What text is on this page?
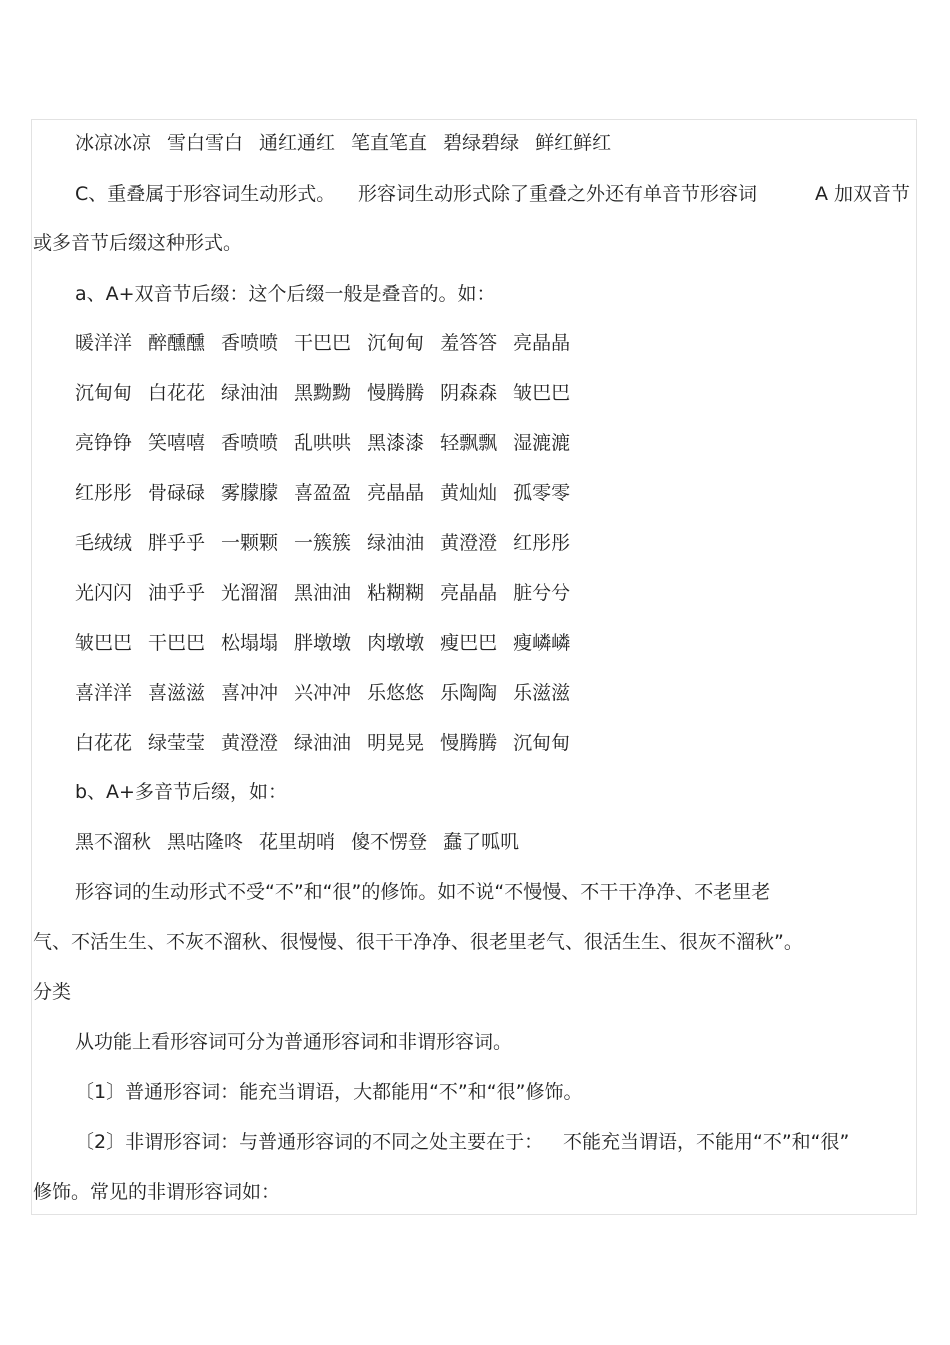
冰凉冰凉 雪白雪白 通红通红 笔直笔直 碧绿碧绿 鲜红鲜红
C、重叠属于形容词生动形式。 形容词生动形式除了重叠之外还有单音节形容词	A 加双音节
或多音节后缀这种形式。
a、A+双音节后缀：这个后缀一般是叠音的。如：
暖洋洋 醉醺醺 香喷喷 干巴巴 沉甸甸 羞答答 亮晶晶
沉甸甸 白花花 绿油油 黑黝黝 慢腾腾 阴森森 皱巴巴
亮铮铮 笑嘻嘻 香喷喷 乱哄哄 黑漆漆 轻飘飘 湿漉漉
红彤彤 骨碌碌 雾朦朦 喜盈盈 亮晶晶 黄灿灿 孤零零
毛绒绒 胖乎乎 一颗颗 一簇簇 绿油油 黄澄澄 红彤彤
光闪闪 油乎乎 光溜溜 黑油油 粘糊糊 亮晶晶 脏兮兮
皱巴巴 干巴巴 松塌塌 胖墩墩 肉墩墩 瘦巴巴 瘦嶙嶙
喜洋洋 喜滋滋 喜冲冲 兴冲冲 乐悠悠 乐陶陶 乐滋滋
白花花 绿莹莹 黄澄澄 绿油油 明晃晃 慢腾腾 沉甸甸
b、A+多音节后缀，如：
黑不溜秋 黑咕隆咚 花里胡哨 傻不愣登 蠢了呱叽
形容词的生动形式不受“不”和“很”的修饰。如不说“不慢慢、不干干净净、不老里老
气、不活生生、不灰不溜秋、很慢慢、很干干净净、很老里老气、很活生生、很灰不溜秋”。
分类
从功能上看形容词可分为普通形容词和非谓形容词。
〔1〕普通形容词：能充当谓语，大都能用“不”和“很”修饰。
〔2〕非谓形容词：与普通形容词的不同之处主要在于： 不能充当谓语，不能用“不”和“很”
修饰。常见的非谓形容词如：
